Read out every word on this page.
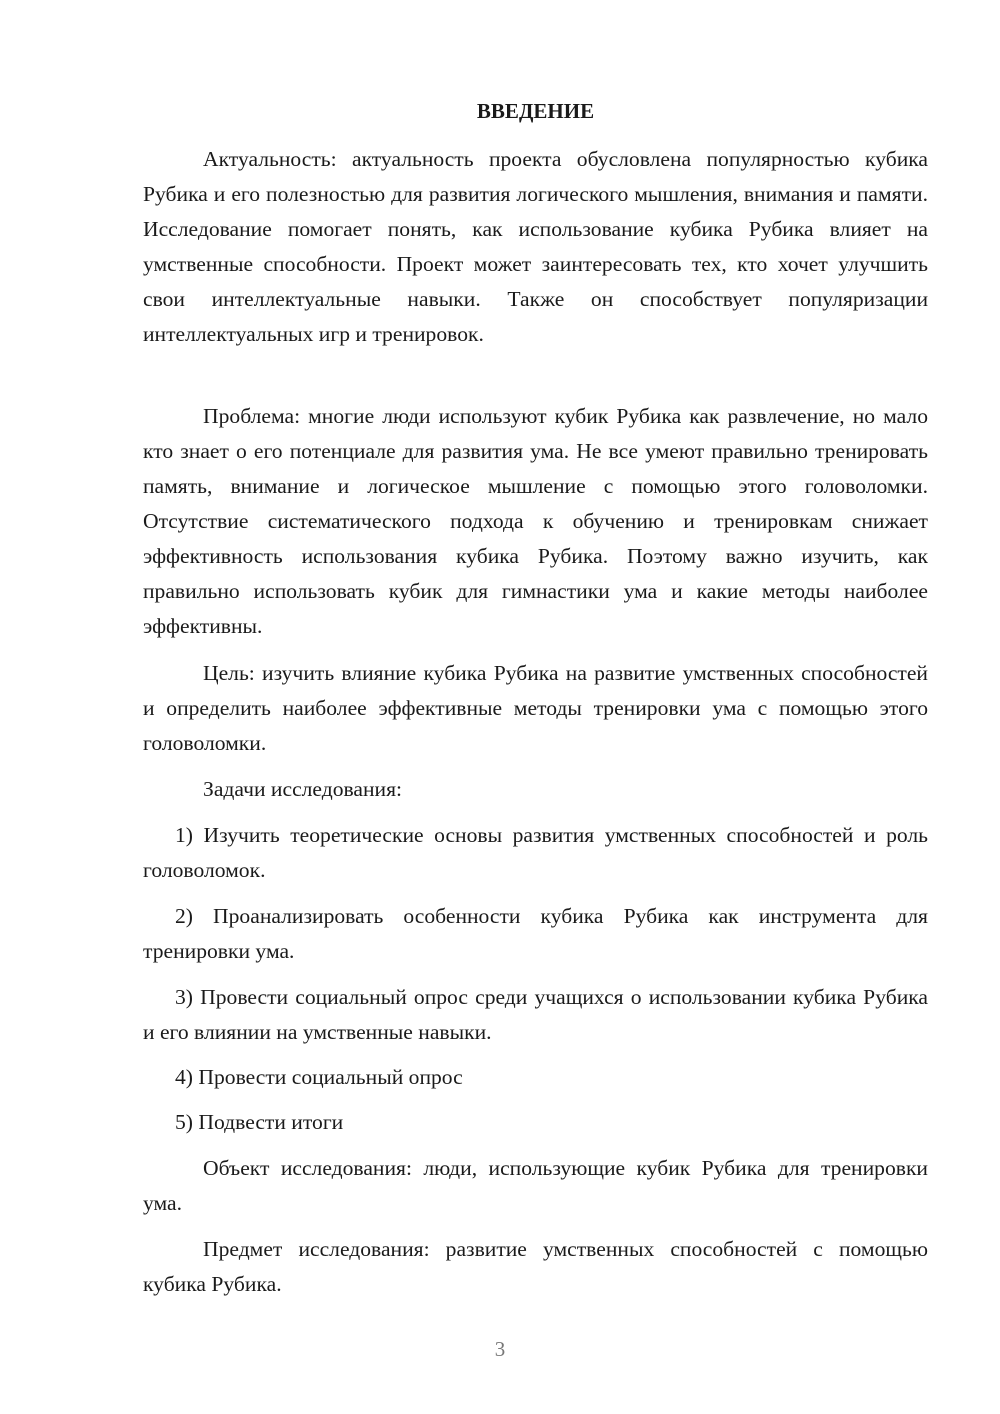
ВВЕДЕНИЕ

Актуальность: актуальность проекта обусловлена популярностью кубика Рубика и его полезностью для развития логического мышления, внимания и памяти. Исследование помогает понять, как использование кубика Рубика влияет на умственные способности. Проект может заинтересовать тех, кто хочет улучшить свои интеллектуальные навыки. Также он способствует популяризации интеллектуальных игр и тренировок.

Проблема: многие люди используют кубик Рубика как развлечение, но мало кто знает о его потенциале для развития ума. Не все умеют правильно тренировать память, внимание и логическое мышление с помощью этого головоломки. Отсутствие систематического подхода к обучению и тренировкам снижает эффективность использования кубика Рубика. Поэтому важно изучить, как правильно использовать кубик для гимнастики ума и какие методы наиболее эффективны.

Цель: изучить влияние кубика Рубика на развитие умственных способностей и определить наиболее эффективные методы тренировки ума с помощью этого головоломки.

Задачи исследования:

1) Изучить теоретические основы развития умственных способностей и роль головоломок.

2) Проанализировать особенности кубика Рубика как инструмента для тренировки ума.

3) Провести социальный опрос среди учащихся о использовании кубика Рубика и его влиянии на умственные навыки.

4) Провести социальный опрос

5) Подвести итоги

Объект исследования: люди, использующие кубик Рубика для тренировки ума.

Предмет исследования: развитие умственных способностей с помощью кубика Рубика.

3
